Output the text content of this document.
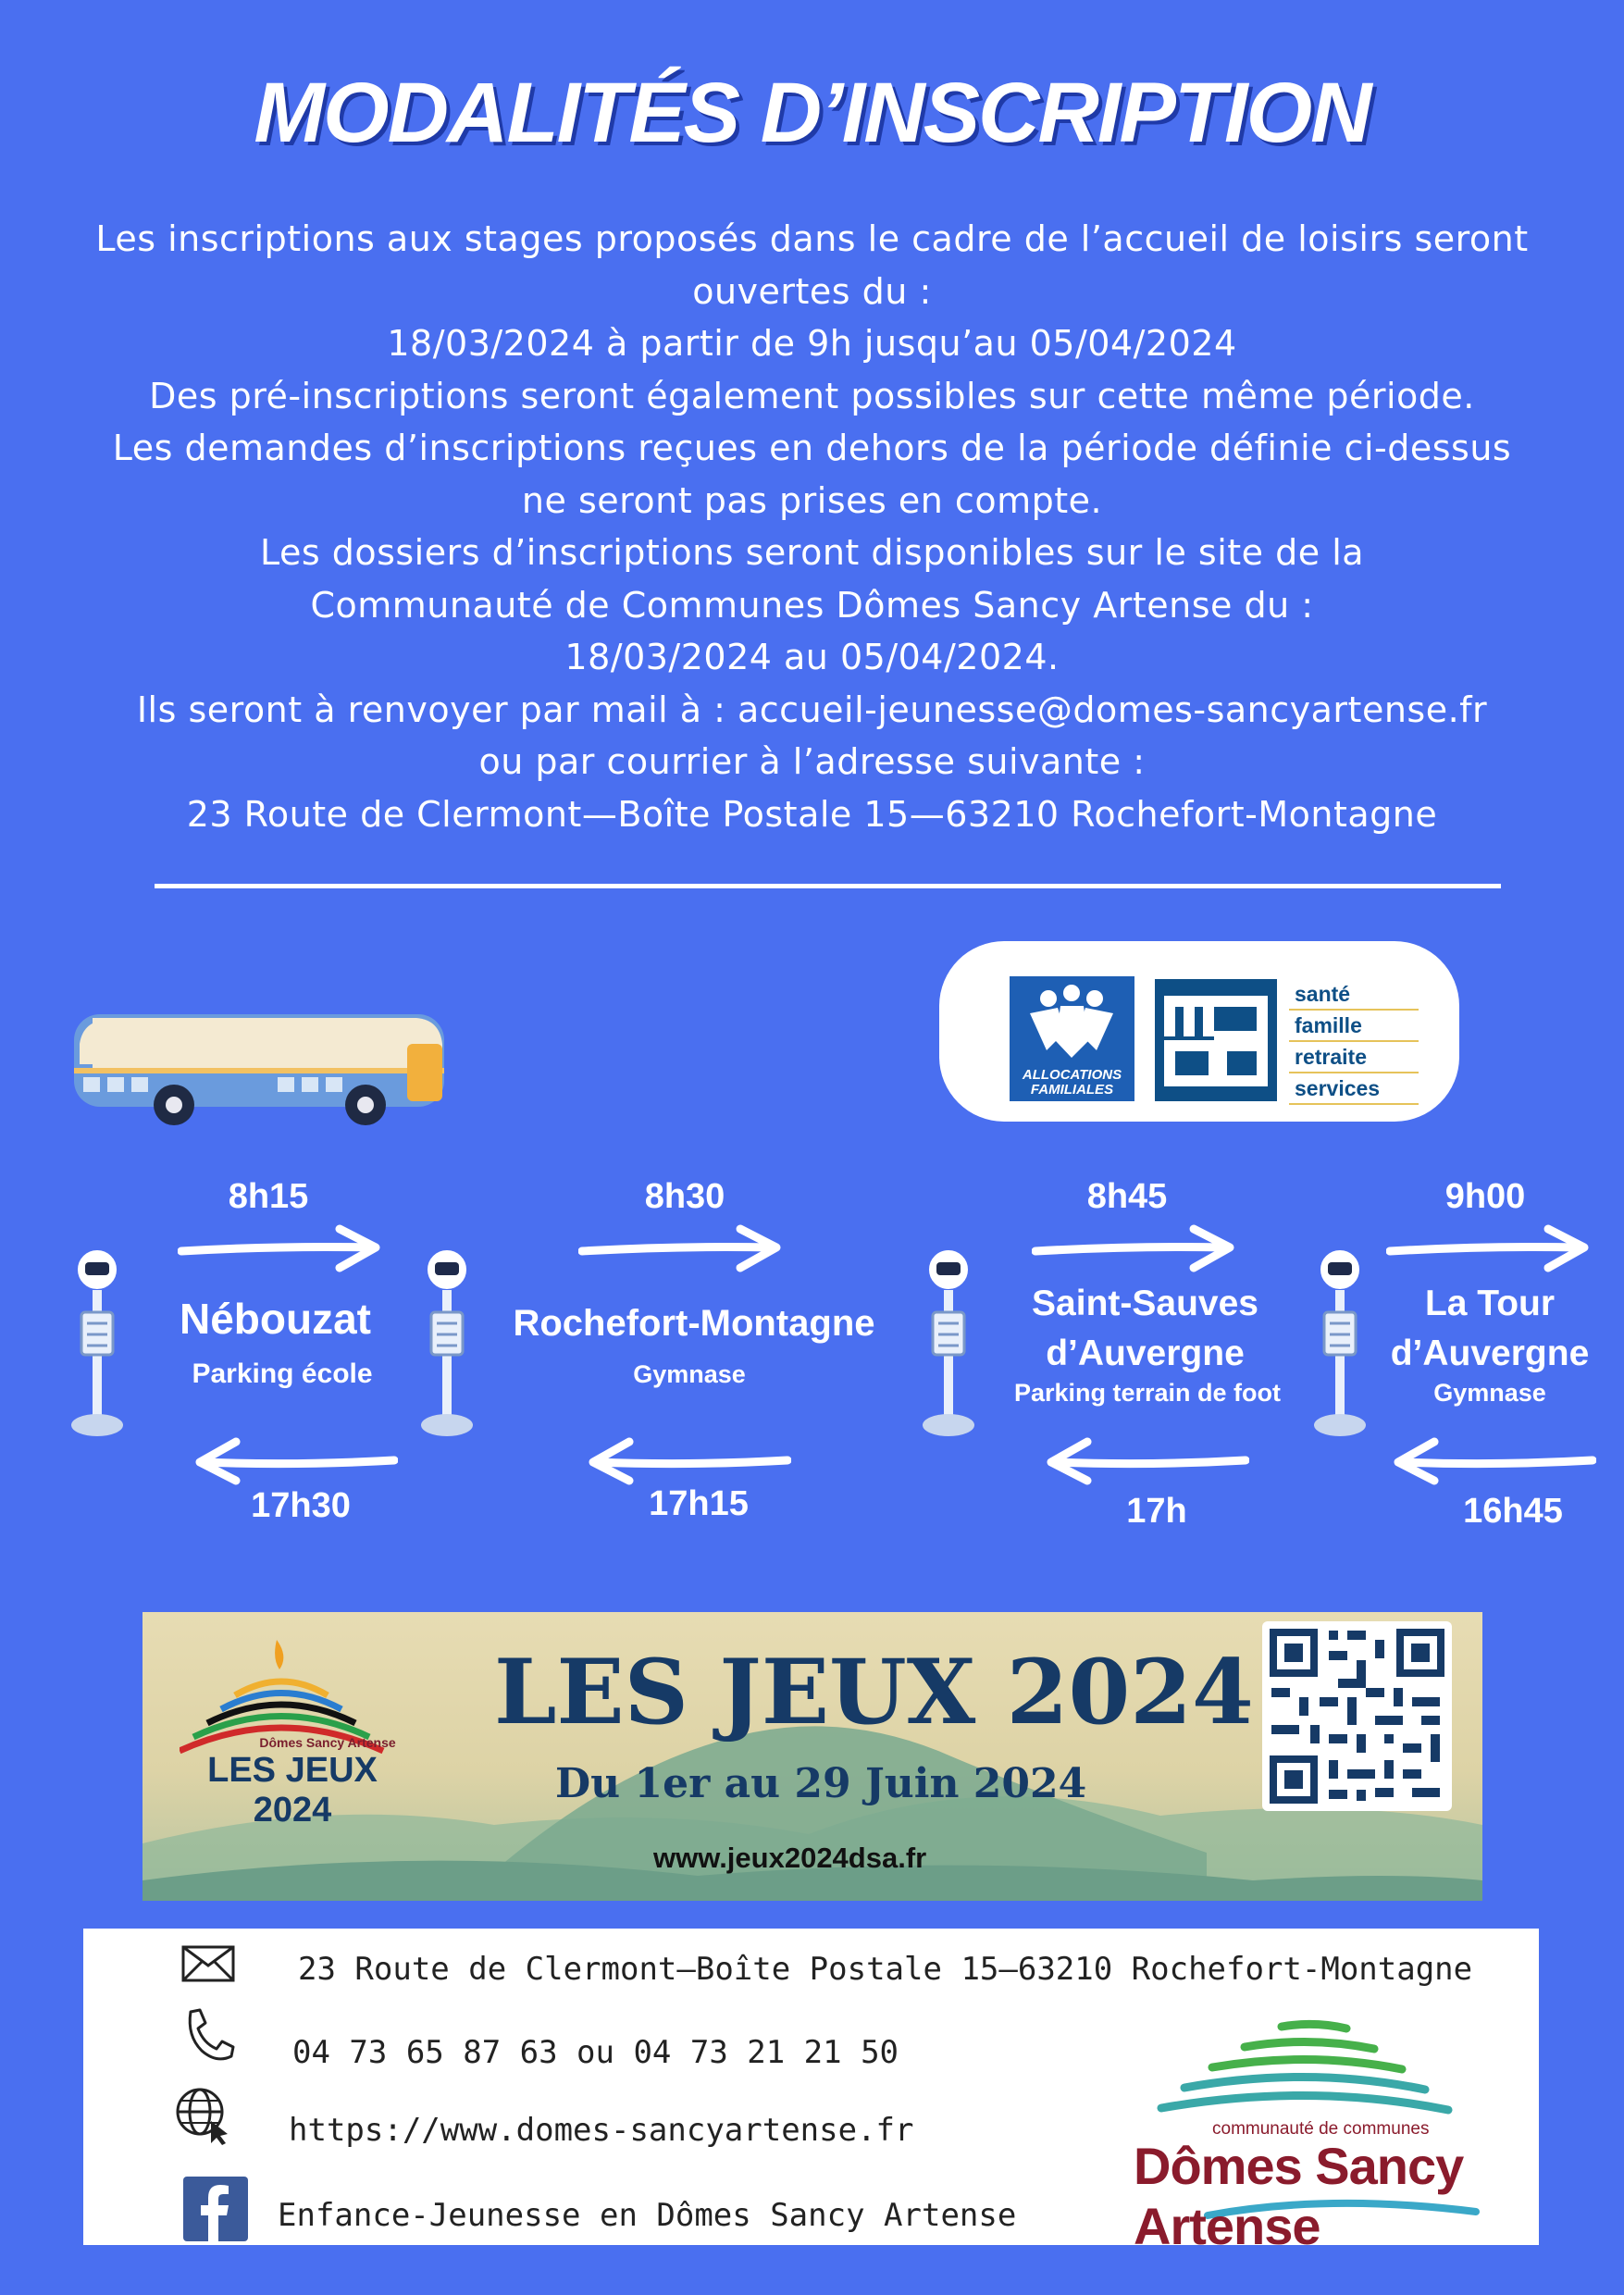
MODALITÉS D’INSCRIPTION
Les inscriptions aux stages proposés dans le cadre de l’accueil de loisirs seront
ouvertes du :
18/03/2024 à partir de 9h jusqu’au 05/04/2024
Des pré-inscriptions seront également possibles sur cette même période.
Les demandes d’inscriptions reçues en dehors de la période définie ci-dessus
ne seront pas prises en compte.
Les dossiers d’inscriptions seront disponibles sur le site de la
Communauté de Communes Dômes Sancy Artense du :
18/03/2024 au 05/04/2024.
Ils seront à renvoyer par mail à : accueil-jeunesse@domes-sancyartense.fr
ou par courrier à l’adresse suivante :
23 Route de Clermont—Boîte Postale 15—63210 Rochefort-Montagne
ALLOCATIONS FAMILIALES
santé
famille
retraite
services
8h15	8h30	8h45	9h00
17h30	17h15	17h	16h45
Nébouzat
Parking école
Rochefort-Montagne
Gymnase
Saint-Sauves
d’Auvergne
Parking terrain de foot
La Tour
d’Auvergne
Gymnase
Dômes Sancy Artense
LES JEUX 2024
LES JEUX 2024
Du 1er au 29 Juin 2024
www.jeux2024dsa.fr
23 Route de Clermont—Boîte Postale 15—63210 Rochefort-Montagne
04 73 65 87 63 ou 04 73 21 21 50
https://www.domes-sancyartense.fr
Enfance-Jeunesse en Dômes Sancy Artense
communauté de communes
Dômes Sancy Artense
